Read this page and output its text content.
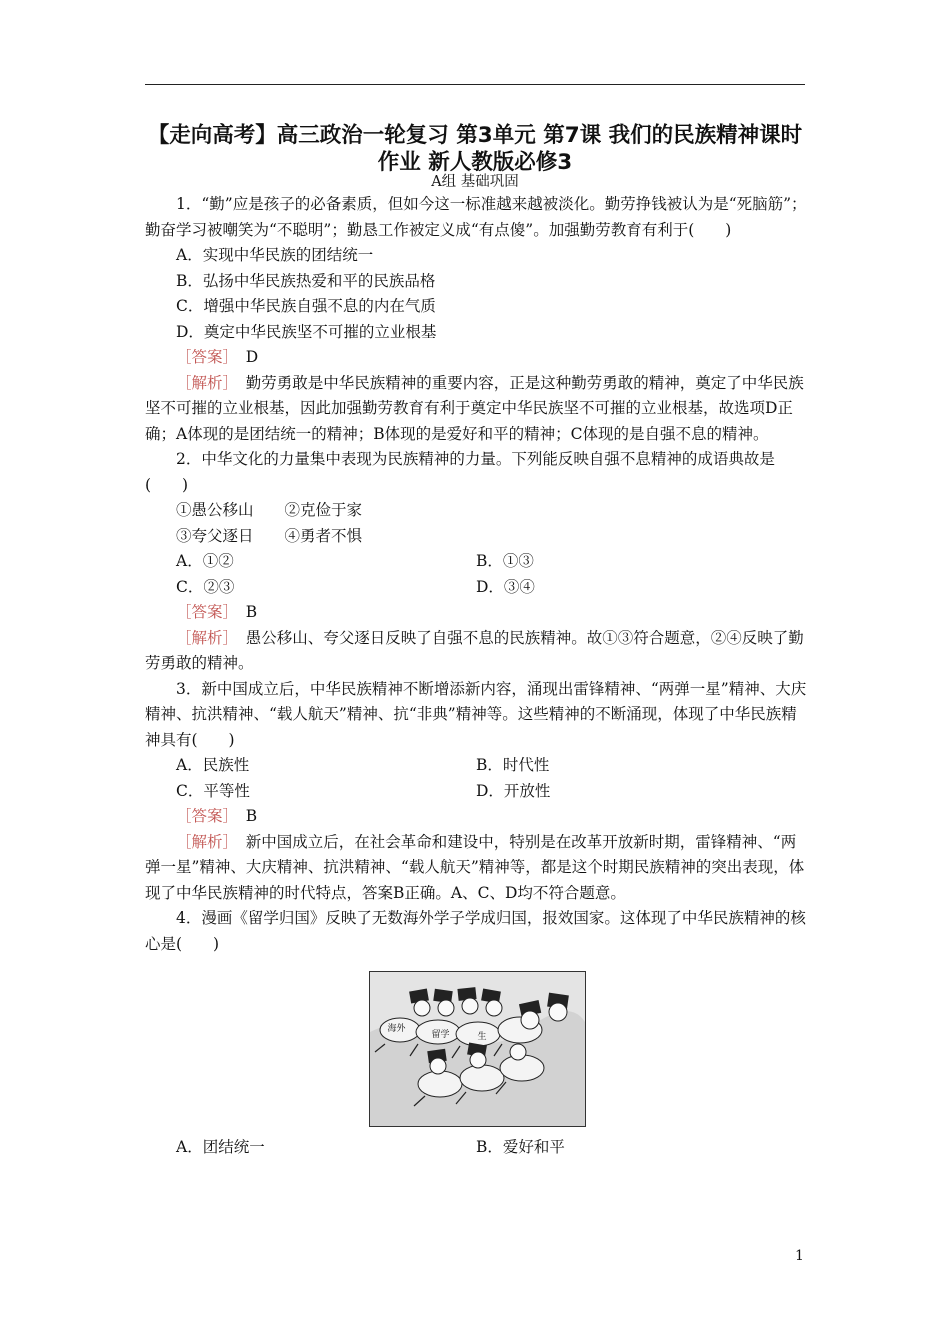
【走向高考】高三政治一轮复习 第3单元 第7课 我们的民族精神课时作业 新人教版必修3
A组 基础巩固

1．“勤”应是孩子的必备素质，但如今这一标准越来越被淡化。勤劳挣钱被认为是“死脑筋”；勤奋学习被嘲笑为“不聪明”；勤恳工作被定义成“有点傻”。加强勤劳教育有利于(　　)

A．实现中华民族的团结统一

B．弘扬中华民族热爱和平的民族品格

C．增强中华民族自强不息的内在气质

D．奠定中华民族坚不可摧的立业根基

［答案］　 D

［解析］　 勤劳勇敢是中华民族精神的重要内容，正是这种勤劳勇敢的精神，奠定了中华民族坚不可摧的立业根基，因此加强勤劳教育有利于奠定中华民族坚不可摧的立业根基，故选项D正确；A体现的是团结统一的精神；B体现的是爱好和平的精神；C体现的是自强不息的精神。

2．中华文化的力量集中表现为民族精神的力量。下列能反映自强不息精神的成语典故是(　　)

①愚公移山　　②克俭于家

③夸父逐日　　④勇者不惧

A．①②	B．①③
C．②③	D．③④

［答案］　 B

［解析］　 愚公移山、夸父逐日反映了自强不息的民族精神。故①③符合题意，②④反映了勤劳勇敢的精神。

3．新中国成立后，中华民族精神不断增添新内容，涌现出雷锋精神、“两弹一星”精神、大庆精神、抗洪精神、“载人航天”精神、抗“非典”精神等。这些精神的不断涌现，体现了中华民族精神具有(　　)

A．民族性	B．时代性
C．平等性	D．开放性

［答案］　 B

［解析］　 新中国成立后，在社会革命和建设中，特别是在改革开放新时期，雷锋精神、“两弹一星”精神、大庆精神、抗洪精神、“载人航天”精神等，都是这个时期民族精神的突出表现，体现了中华民族精神的时代特点，答案B正确。A、C、D均不符合题意。

4．漫画《留学归国》反映了无数海外学子学成归国，报效国家。这体现了中华民族精神的核心是(　　)

海外
留学	生
A．团结统一	B．爱好和平
1
